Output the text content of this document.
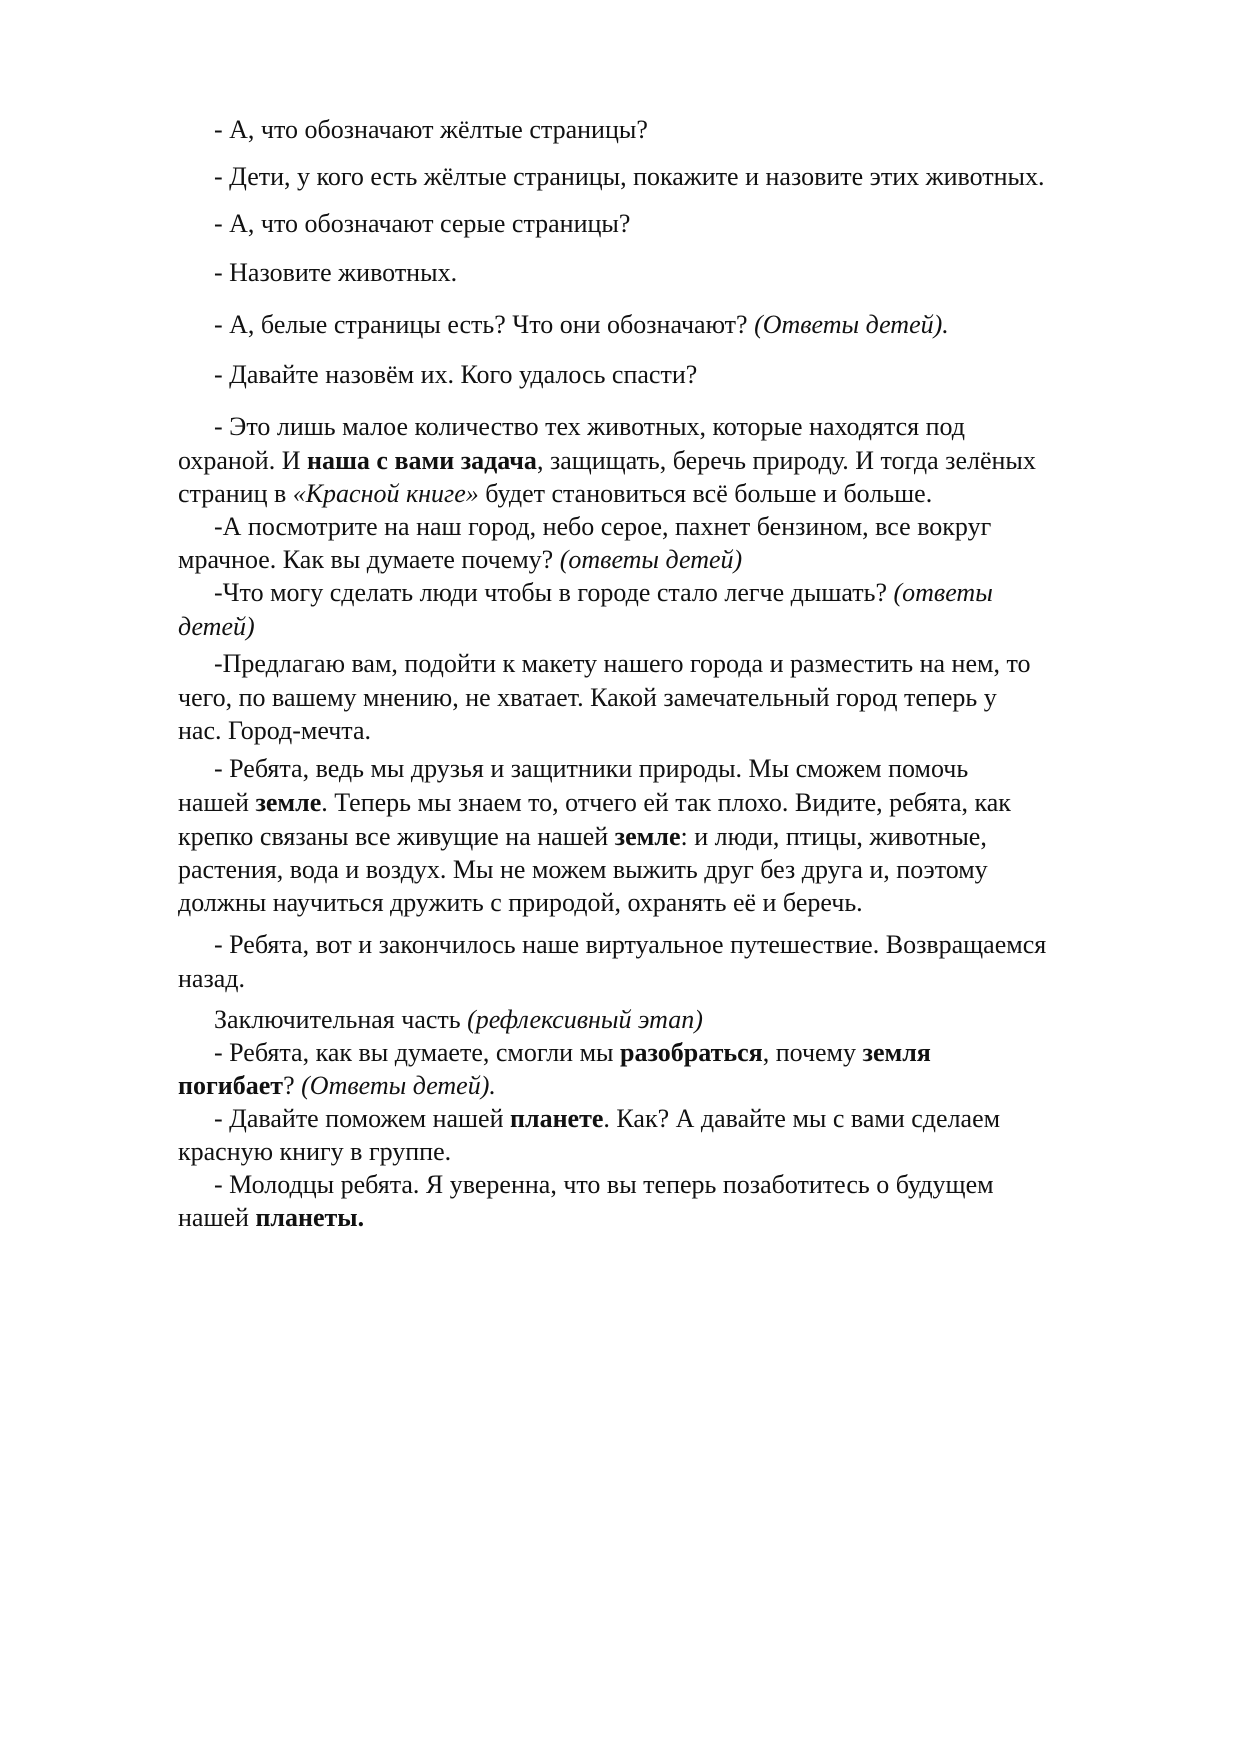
- А, что обозначают жёлтые страницы?
- Дети, у кого есть жёлтые страницы, покажите и назовите этих животных.
- А, что обозначают серые страницы?
- Назовите животных.
- А, белые страницы есть? Что они обозначают? (Ответы детей).
- Давайте назовём их. Кого удалось спасти?
- Это лишь малое количество тех животных, которые находятся под
охраной. И наша с вами задача, защищать, беречь природу. И тогда зелёных
страниц в «Красной книге» будет становиться всё больше и больше.
-А посмотрите на наш город, небо серое, пахнет бензином, все вокруг
мрачное. Как вы думаете почему? (ответы детей)
-Что могу сделать люди чтобы в городе стало легче дышать? (ответы
детей)
-Предлагаю вам, подойти к макету нашего города и разместить на нем, то
чего, по вашему мнению, не хватает. Какой замечательный город теперь у
нас. Город-мечта.
- Ребята, ведь мы друзья и защитники природы. Мы сможем помочь
нашей земле. Теперь мы знаем то, отчего ей так плохо. Видите, ребята, как
крепко связаны все живущие на нашей земле: и люди, птицы, животные,
растения, вода и воздух. Мы не можем выжить друг без друга и, поэтому
должны научиться дружить с природой, охранять её и беречь.
- Ребята, вот и закончилось наше виртуальное путешествие. Возвращаемся
назад.
Заключительная часть (рефлексивный этап)
- Ребята, как вы думаете, смогли мы разобраться, почему земля
погибает? (Ответы детей).
- Давайте поможем нашей планете. Как? А давайте мы с вами сделаем
красную книгу в группе.
- Молодцы ребята. Я уверенна, что вы теперь позаботитесь о будущем
нашей планеты.
